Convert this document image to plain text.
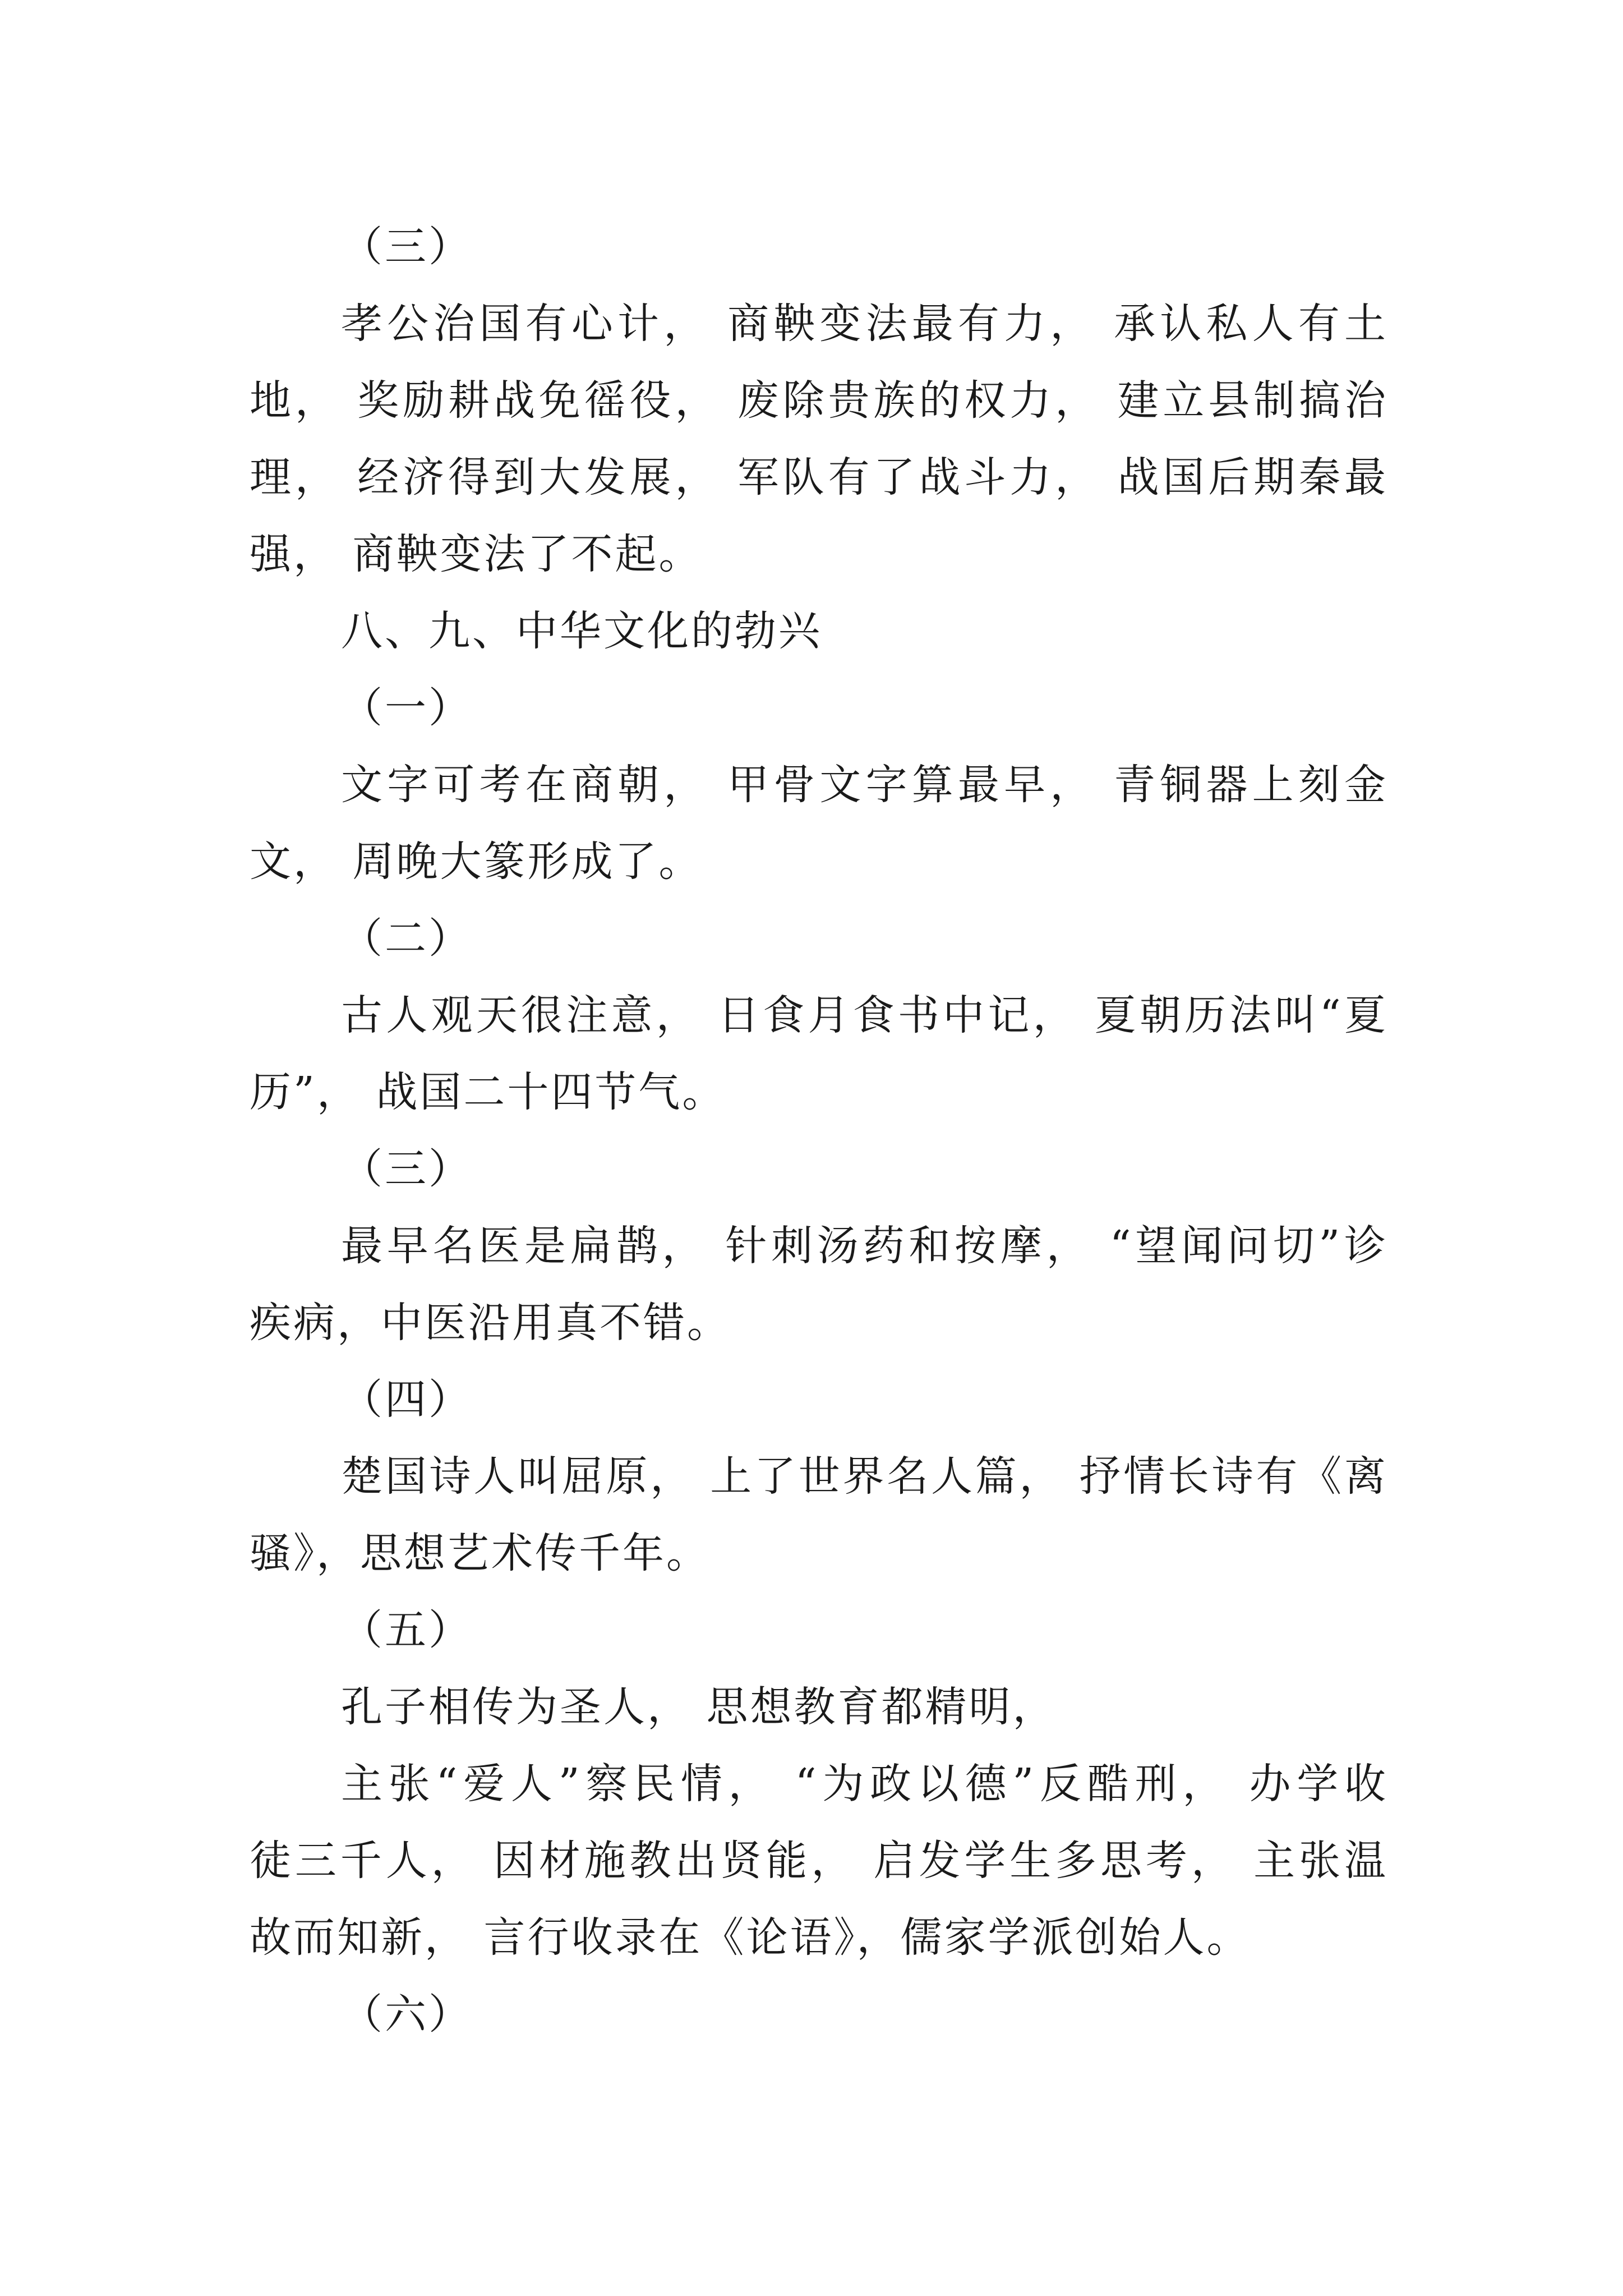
（三）
孝公治国有心计， 商鞅变法最有力， 承认私人有土
地， 奖励耕战免徭役， 废除贵族的权力， 建立县制搞治
理， 经济得到大发展， 军队有了战斗力， 战国后期秦最
强， 商鞅变法了不起。
八、九、中华文化的勃兴
（一）
文字可考在商朝， 甲骨文字算最早， 青铜器上刻金
文， 周晚大篆形成了。
（二）
古人观天很注意， 日食月食书中记， 夏朝历法叫“夏
历”， 战国二十四节气。
（三）
最早名医是扁鹊， 针刺汤药和按摩， “望闻问切”诊
疾病，中医沿用真不错。
（四）
楚国诗人叫屈原， 上了世界名人篇， 抒情长诗有《离
骚》，思想艺术传千年。
（五）
孔子相传为圣人， 思想教育都精明，
主张“爱人”察民情， “为政以德”反酷刑， 办学收
徒三千人， 因材施教出贤能， 启发学生多思考， 主张温
故而知新， 言行收录在《论语》，儒家学派创始人。
（六）
